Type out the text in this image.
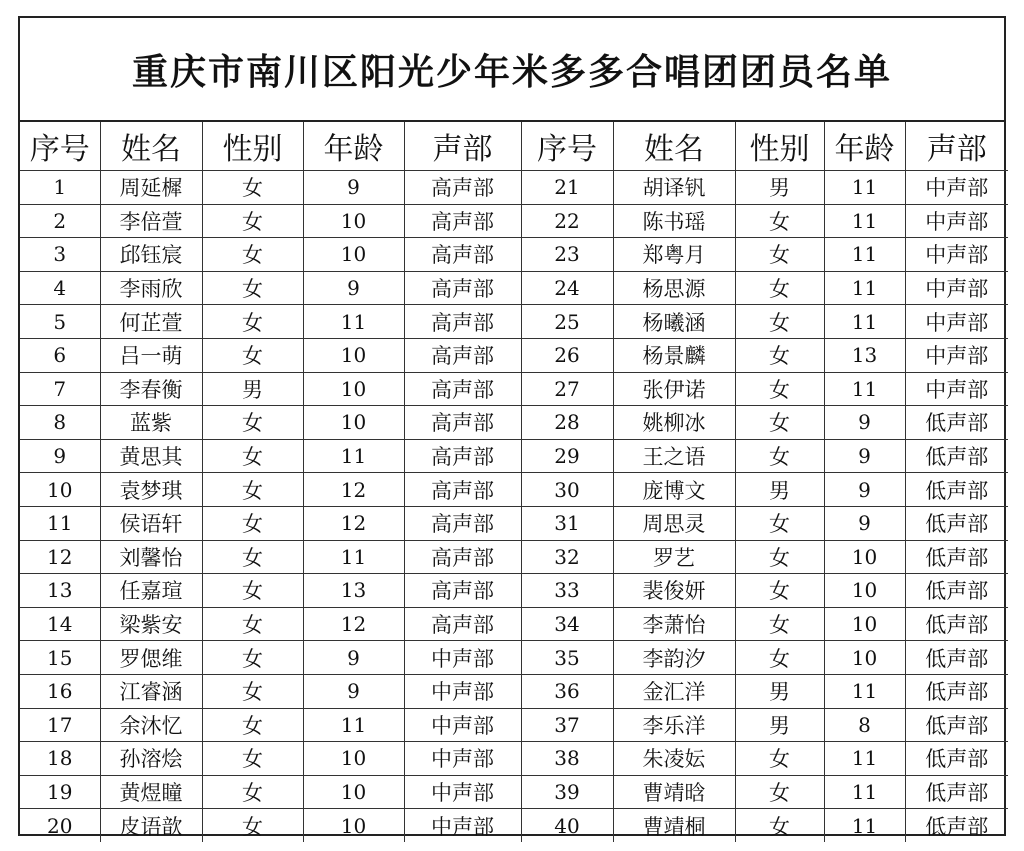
重庆市南川区阳光少年米多多合唱团团员名单
序号	姓名	性别	年龄	声部	序号	姓名	性别	年龄	声部
1	周延樨	女	9	高声部	21	胡译钒	男	11	中声部
2	李倍萱	女	10	高声部	22	陈书瑶	女	11	中声部
3	邱钰宸	女	10	高声部	23	郑粤月	女	11	中声部
4	李雨欣	女	9	高声部	24	杨思源	女	11	中声部
5	何芷萱	女	11	高声部	25	杨曦涵	女	11	中声部
6	吕一萌	女	10	高声部	26	杨景麟	女	13	中声部
7	李春衡	男	10	高声部	27	张伊诺	女	11	中声部
8	蓝紫	女	10	高声部	28	姚柳冰	女	9	低声部
9	黄思其	女	11	高声部	29	王之语	女	9	低声部
10	袁梦琪	女	12	高声部	30	庞博文	男	9	低声部
11	侯语轩	女	12	高声部	31	周思灵	女	9	低声部
12	刘馨怡	女	11	高声部	32	罗艺	女	10	低声部
13	任嘉瑄	女	13	高声部	33	裴俊妍	女	10	低声部
14	梁紫安	女	12	高声部	34	李萧怡	女	10	低声部
15	罗偲维	女	9	中声部	35	李韵汐	女	10	低声部
16	江睿涵	女	9	中声部	36	金汇洋	男	11	低声部
17	余沐忆	女	11	中声部	37	李乐洋	男	8	低声部
18	孙溶烩	女	10	中声部	38	朱凌妘	女	11	低声部
19	黄煜瞳	女	10	中声部	39	曹靖晗	女	11	低声部
20	皮语歆	女	10	中声部	40	曹靖桐	女	11	低声部
